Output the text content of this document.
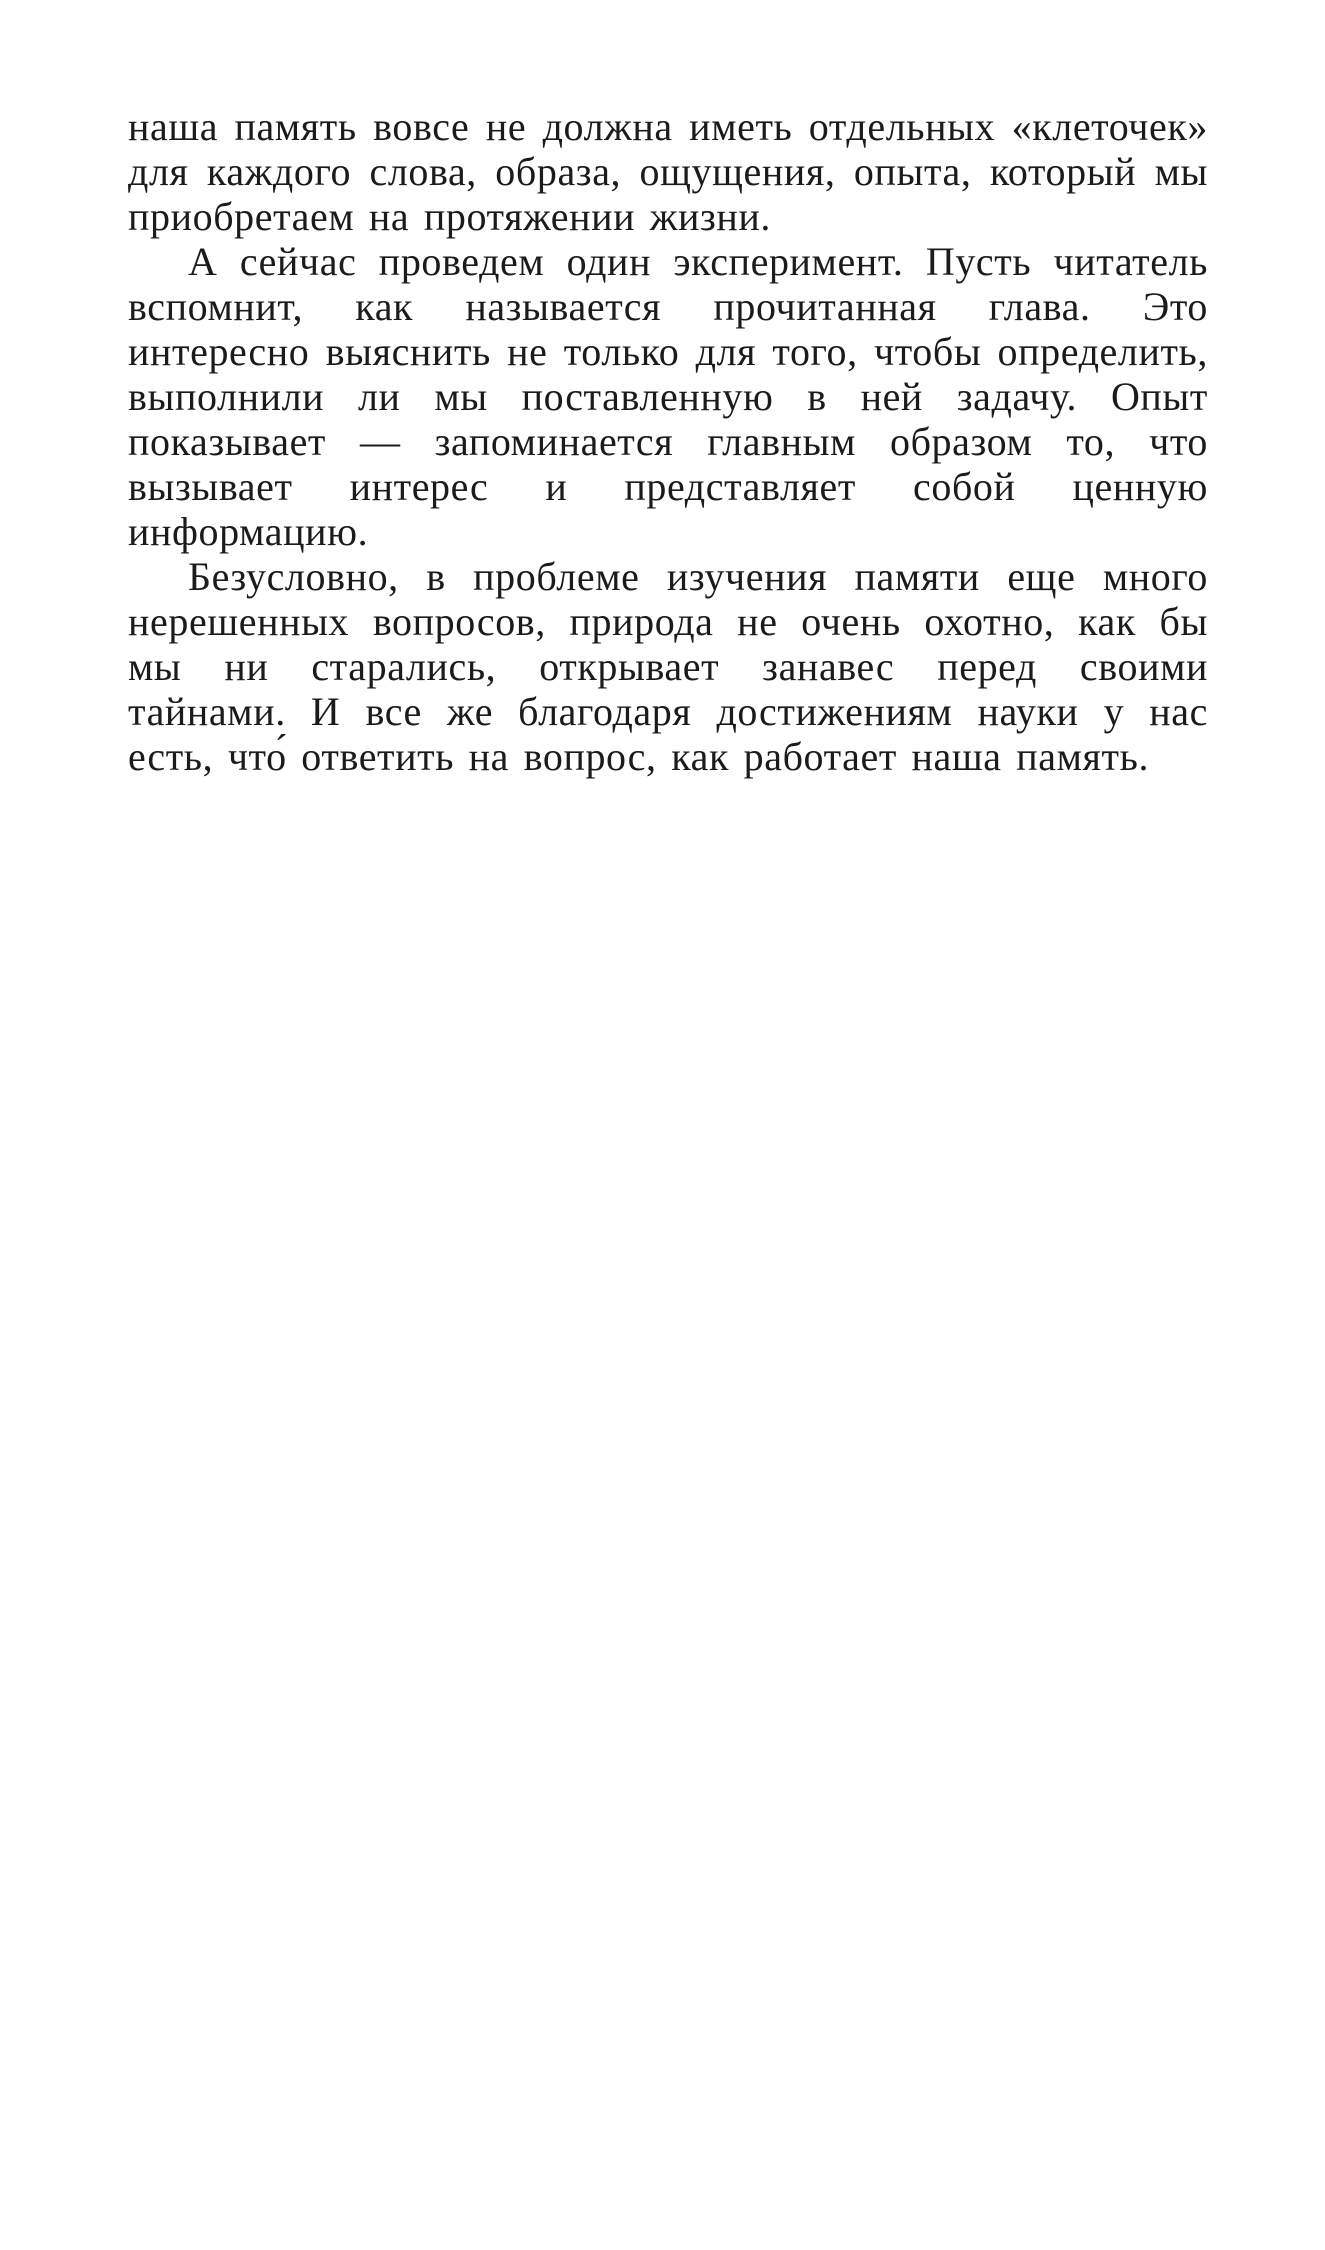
наша память вовсе не должна иметь отдельных «клеточек» для каждого слова, образа, ощущения, опыта, который мы приобретаем на протяжении жизни.

А сейчас проведем один эксперимент. Пусть читатель вспомнит, как называется прочитанная глава. Это интересно выяснить не только для того, чтобы определить, выполнили ли мы поставленную в ней задачу. Опыт показывает — запоминается главным образом то, что вызывает интерес и представляет собой ценную информацию.

Безусловно, в проблеме изучения памяти еще много нерешенных вопросов, природа не очень охотно, как бы мы ни старались, открывает занавес перед своими тайнами. И все же благодаря достижениям науки у нас есть, что́ ответить на вопрос, как работает наша память.
